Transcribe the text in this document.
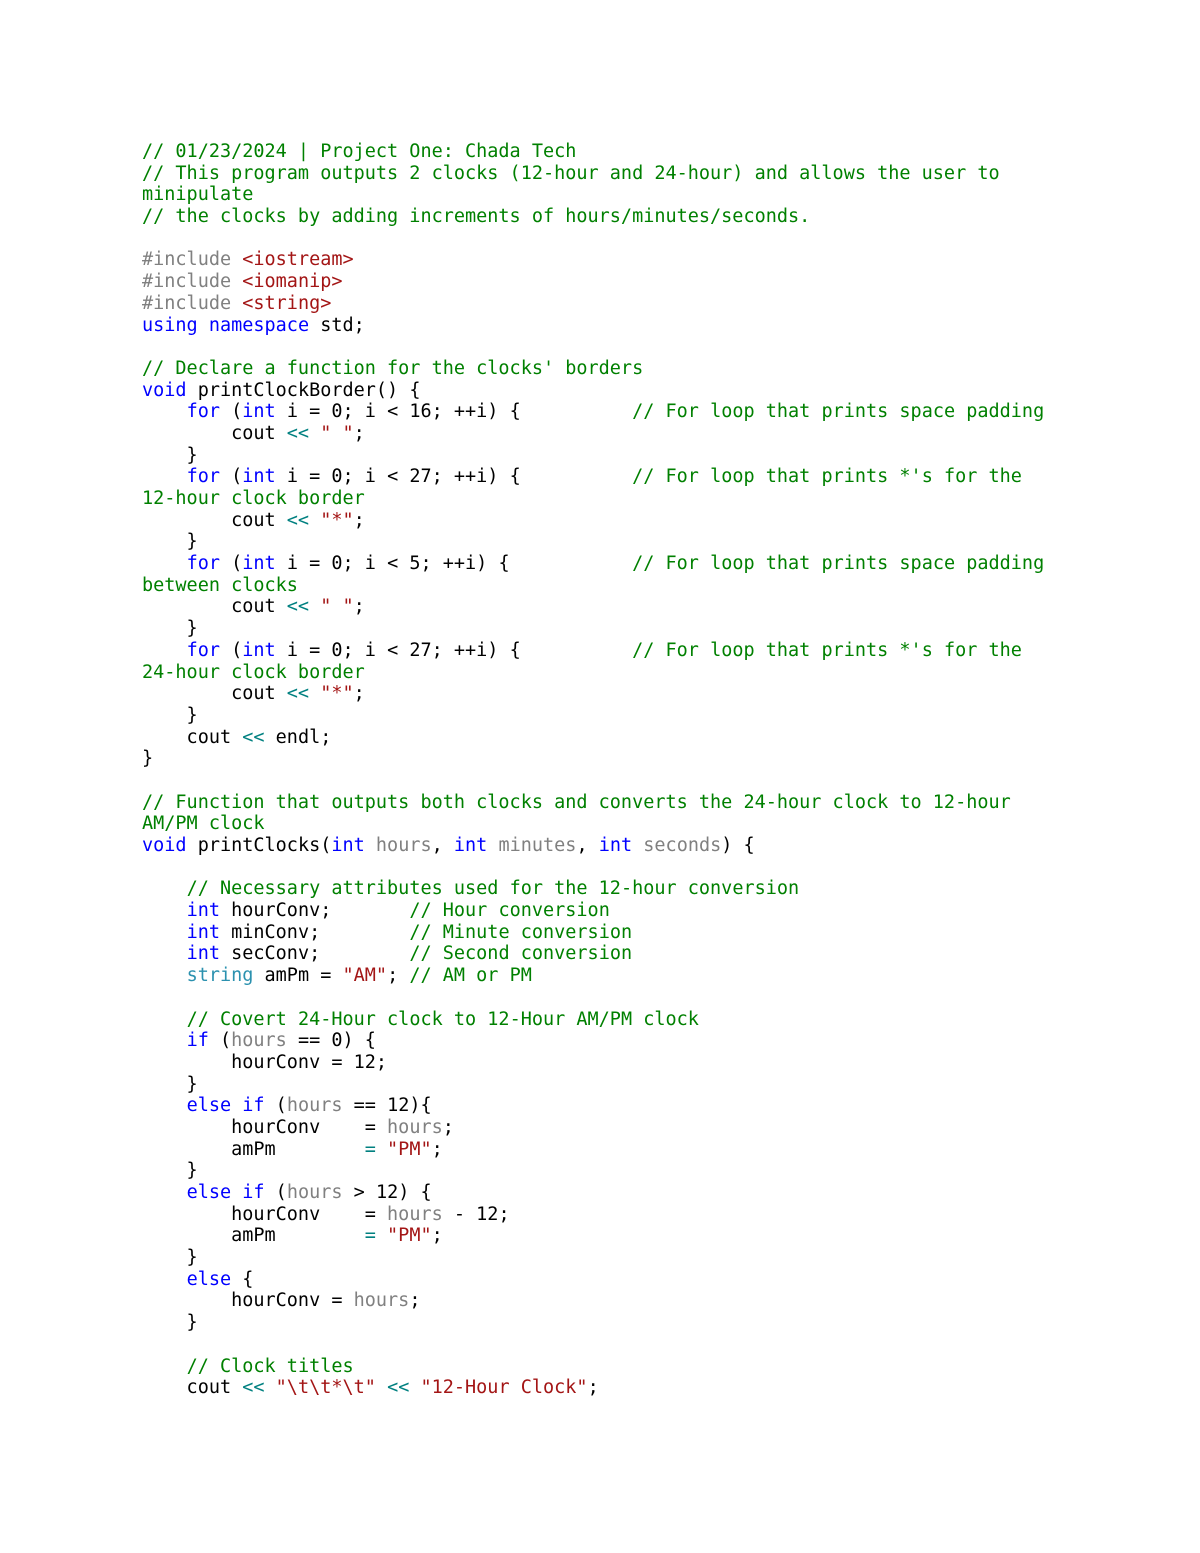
// 01/23/2024 | Project One: Chada Tech
// This program outputs 2 clocks (12-hour and 24-hour) and allows the user to
minipulate
// the clocks by adding increments of hours/minutes/seconds.
#include <iostream>
#include <iomanip>
#include <string>
using namespace std;
// Declare a function for the clocks' borders
void printClockBorder() {
for (int i = 0; i < 16; ++i) {          // For loop that prints space padding
cout << " ";
}
for (int i = 0; i < 27; ++i) {          // For loop that prints *'s for the
12-hour clock border
cout << "*";
}
for (int i = 0; i < 5; ++i) {           // For loop that prints space padding
between clocks
cout << " ";
}
for (int i = 0; i < 27; ++i) {          // For loop that prints *'s for the
24-hour clock border
cout << "*";
}
cout << endl;
}
// Function that outputs both clocks and converts the 24-hour clock to 12-hour
AM/PM clock
void printClocks(int hours, int minutes, int seconds) {
// Necessary attributes used for the 12-hour conversion
int hourConv;       // Hour conversion
int minConv;        // Minute conversion
int secConv;        // Second conversion
string amPm = "AM"; // AM or PM
// Covert 24-Hour clock to 12-Hour AM/PM clock
if (hours == 0) {
hourConv = 12;
}
else if (hours == 12){
hourConv    = hours;
amPm        = "PM";
}
else if (hours > 12) {
hourConv    = hours - 12;
amPm        = "PM";
}
else {
hourConv = hours;
}
// Clock titles
cout << "\t\t*\t" << "12-Hour Clock";
